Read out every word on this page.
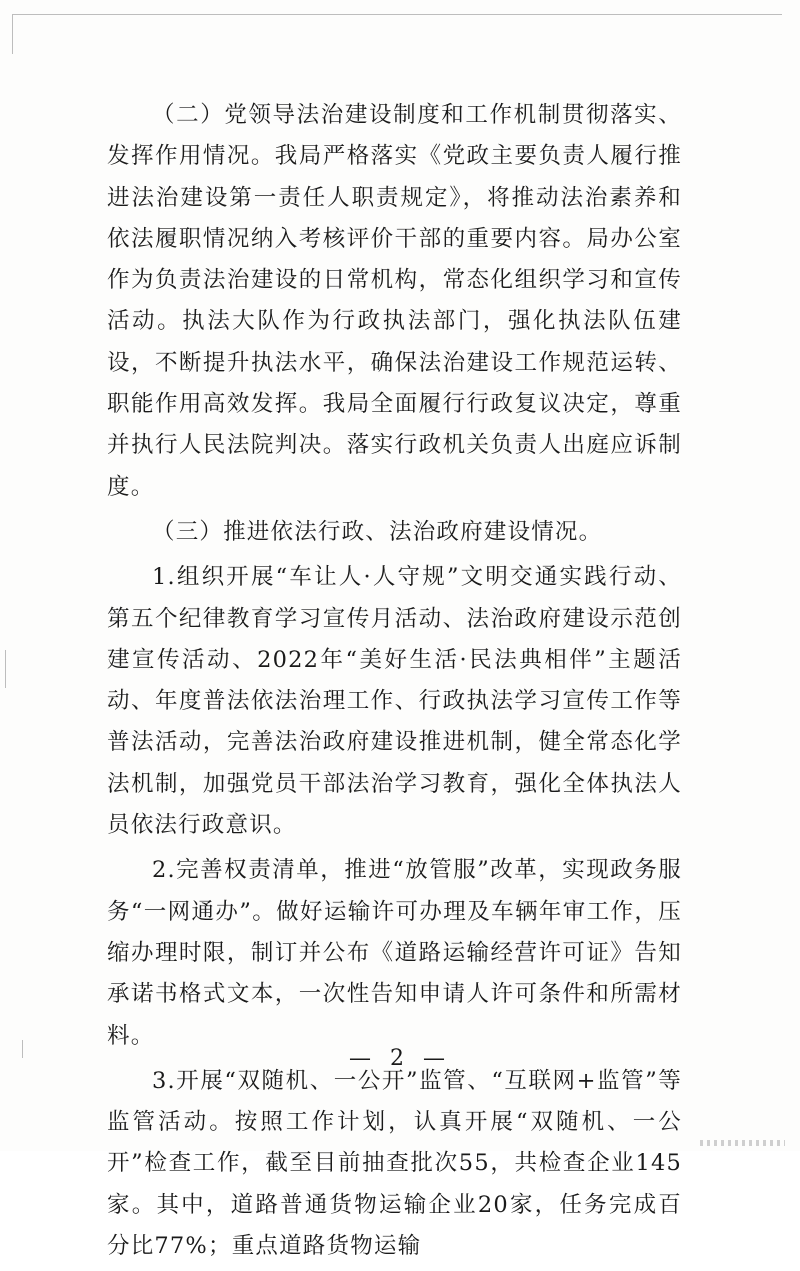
（二）党领导法治建设制度和工作机制贯彻落实、发挥作用情况。我局严格落实《党政主要负责人履行推进法治建设第一责任人职责规定》，将推动法治素养和依法履职情况纳入考核评价干部的重要内容。局办公室作为负责法治建设的日常机构，常态化组织学习和宣传活动。执法大队作为行政执法部门，强化执法队伍建设，不断提升执法水平，确保法治建设工作规范运转、职能作用高效发挥。我局全面履行行政复议决定，尊重并执行人民法院判决。落实行政机关负责人出庭应诉制度。

（三）推进依法行政、法治政府建设情况。

1.组织开展“车让人·人守规”文明交通实践行动、第五个纪律教育学习宣传月活动、法治政府建设示范创建宣传活动、2022年“美好生活·民法典相伴”主题活动、年度普法依法治理工作、行政执法学习宣传工作等普法活动，完善法治政府建设推进机制，健全常态化学法机制，加强党员干部法治学习教育，强化全体执法人员依法行政意识。

2.完善权责清单，推进“放管服”改革，实现政务服务“一网通办”。做好运输许可办理及车辆年审工作，压缩办理时限，制订并公布《道路运输经营许可证》告知承诺书格式文本，一次性告知申请人许可条件和所需材料。

3.开展“双随机、一公开”监管、“互联网+监管”等监管活动。按照工作计划，认真开展“双随机、一公开”检查工作，截至目前抽查批次55，共检查企业145家。其中，道路普通货物运输企业20家，任务完成百分比77%；重点道路货物运输

— 2 —
